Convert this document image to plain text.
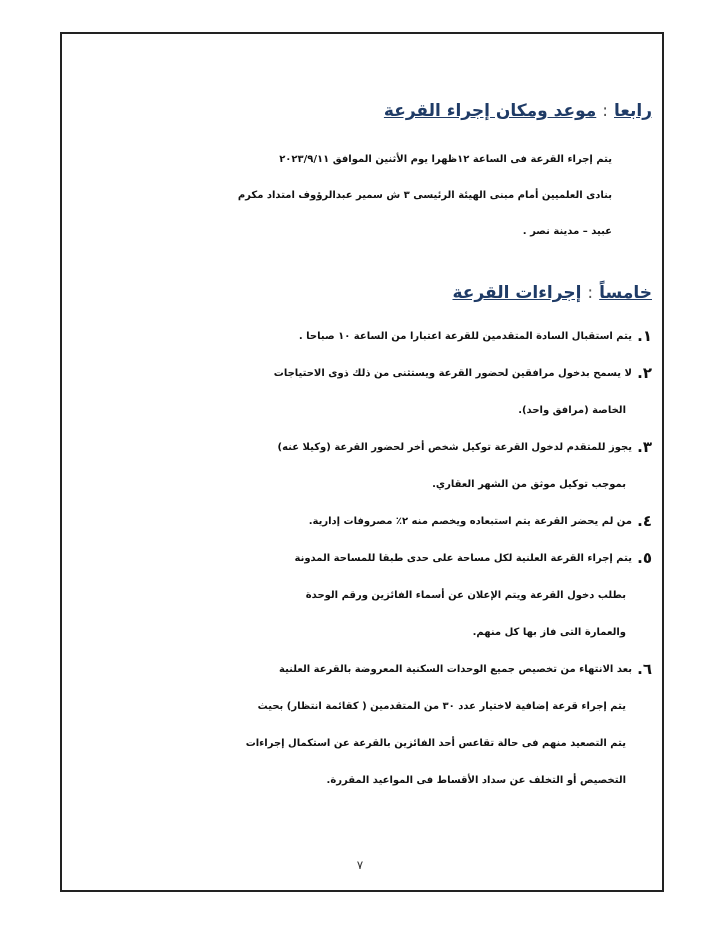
رابعا:موعد ومكان إجراء القرعة
يتم إجراء القرعة فى الساعة ١٢ظهرا يوم الأثنين الموافق ٢٠٢٣/٩/١١
بنادى العلميين أمام مبنى الهيئة الرئيسى ٣ ش سمير عبدالرؤوف امتداد مكرم
عبيد – مدينة نصر .
خامساً:إجراءات القرعة
١.
يتم استقبال السادة المتقدمين للقرعة اعتبارا من الساعة ١٠ صباحا .
٢.
لا يسمح بدخول مرافقين لحضور القرعة ويستثنى من ذلك ذوى الاحتياجات
الخاصة (مرافق واحد).
٣.
يجوز للمتقدم لدخول القرعة توكيل شخص أخر لحضور القرعة (وكيلا عنه)
بموجب توكيل موثق من الشهر العقاري.
٤.
من لم يحضر القرعة يتم استبعاده ويخصم منه ٢٪ مصروفات إدارية.
٥.
يتم إجراء القرعة العلنية لكل مساحة على حدى طبقا للمساحة المدونة
بطلب دخول القرعة ويتم الإعلان عن أسماء الفائزين ورقم الوحدة
والعمارة التى فاز بها كل منهم.
٦.
بعد الانتهاء من تخصيص جميع الوحدات السكنية المعروضة بالقرعة العلنية
يتم إجراء قرعة إضافية لاختيار عدد ٣٠ من المتقدمين ( كقائمة انتظار) بحيث
يتم التصعيد منهم فى حالة تقاعس أحد الفائزين بالقرعة عن استكمال إجراءات
التخصيص أو التخلف عن سداد الأقساط فى المواعيد المقررة.
٧
